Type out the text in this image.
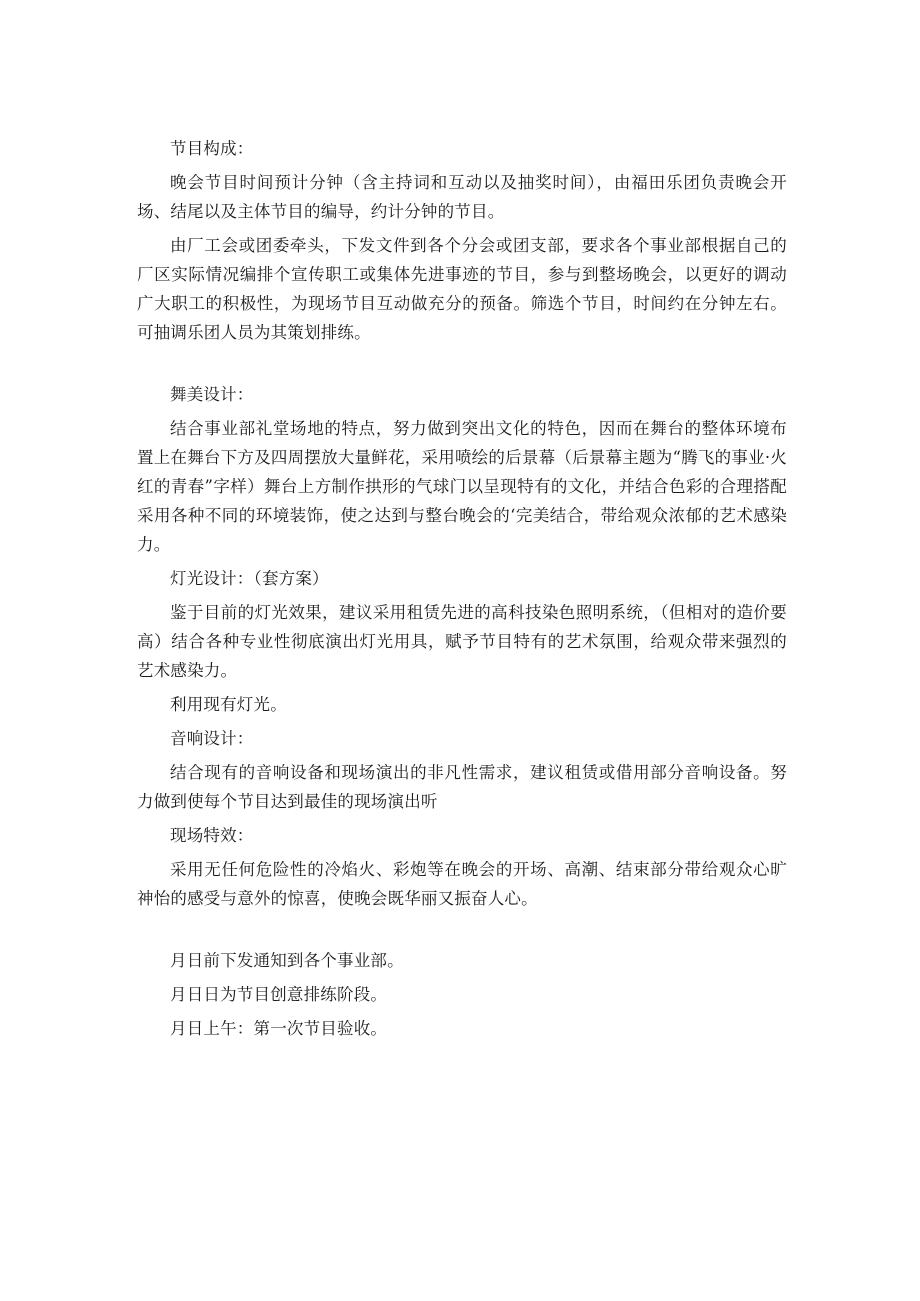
节目构成：

晚会节目时间预计分钟（含主持词和互动以及抽奖时间），由福田乐团负责晚会开场、结尾以及主体节目的编导，约计分钟的节目。

由厂工会或团委牵头，下发文件到各个分会或团支部，要求各个事业部根据自己的厂区实际情况编排个宣传职工或集体先进事迹的节目，参与到整场晚会，以更好的调动广大职工的积极性，为现场节目互动做充分的预备。筛选个节目，时间约在分钟左右。可抽调乐团人员为其策划排练。

舞美设计：

结合事业部礼堂场地的特点，努力做到突出文化的特色，因而在舞台的整体环境布置上在舞台下方及四周摆放大量鲜花，采用喷绘的后景幕（后景幕主题为“腾飞的事业·火红的青春”字样）舞台上方制作拱形的气球门以呈现特有的文化，并结合色彩的合理搭配采用各种不同的环境装饰，使之达到与整台晚会的‘完美结合，带给观众浓郁的艺术感染力。

灯光设计：（套方案）

鉴于目前的灯光效果，建议采用租赁先进的高科技染色照明系统，（但相对的造价要高）结合各种专业性彻底演出灯光用具，赋予节目特有的艺术氛围，给观众带来强烈的艺术感染力。

利用现有灯光。

音响设计：

结合现有的音响设备和现场演出的非凡性需求，建议租赁或借用部分音响设备。努力做到使每个节目达到最佳的现场演出听

现场特效：

采用无任何危险性的冷焰火、彩炮等在晚会的开场、高潮、结束部分带给观众心旷神怡的感受与意外的惊喜，使晚会既华丽又振奋人心。

月日前下发通知到各个事业部。

月日日为节目创意排练阶段。

月日上午：第一次节目验收。
